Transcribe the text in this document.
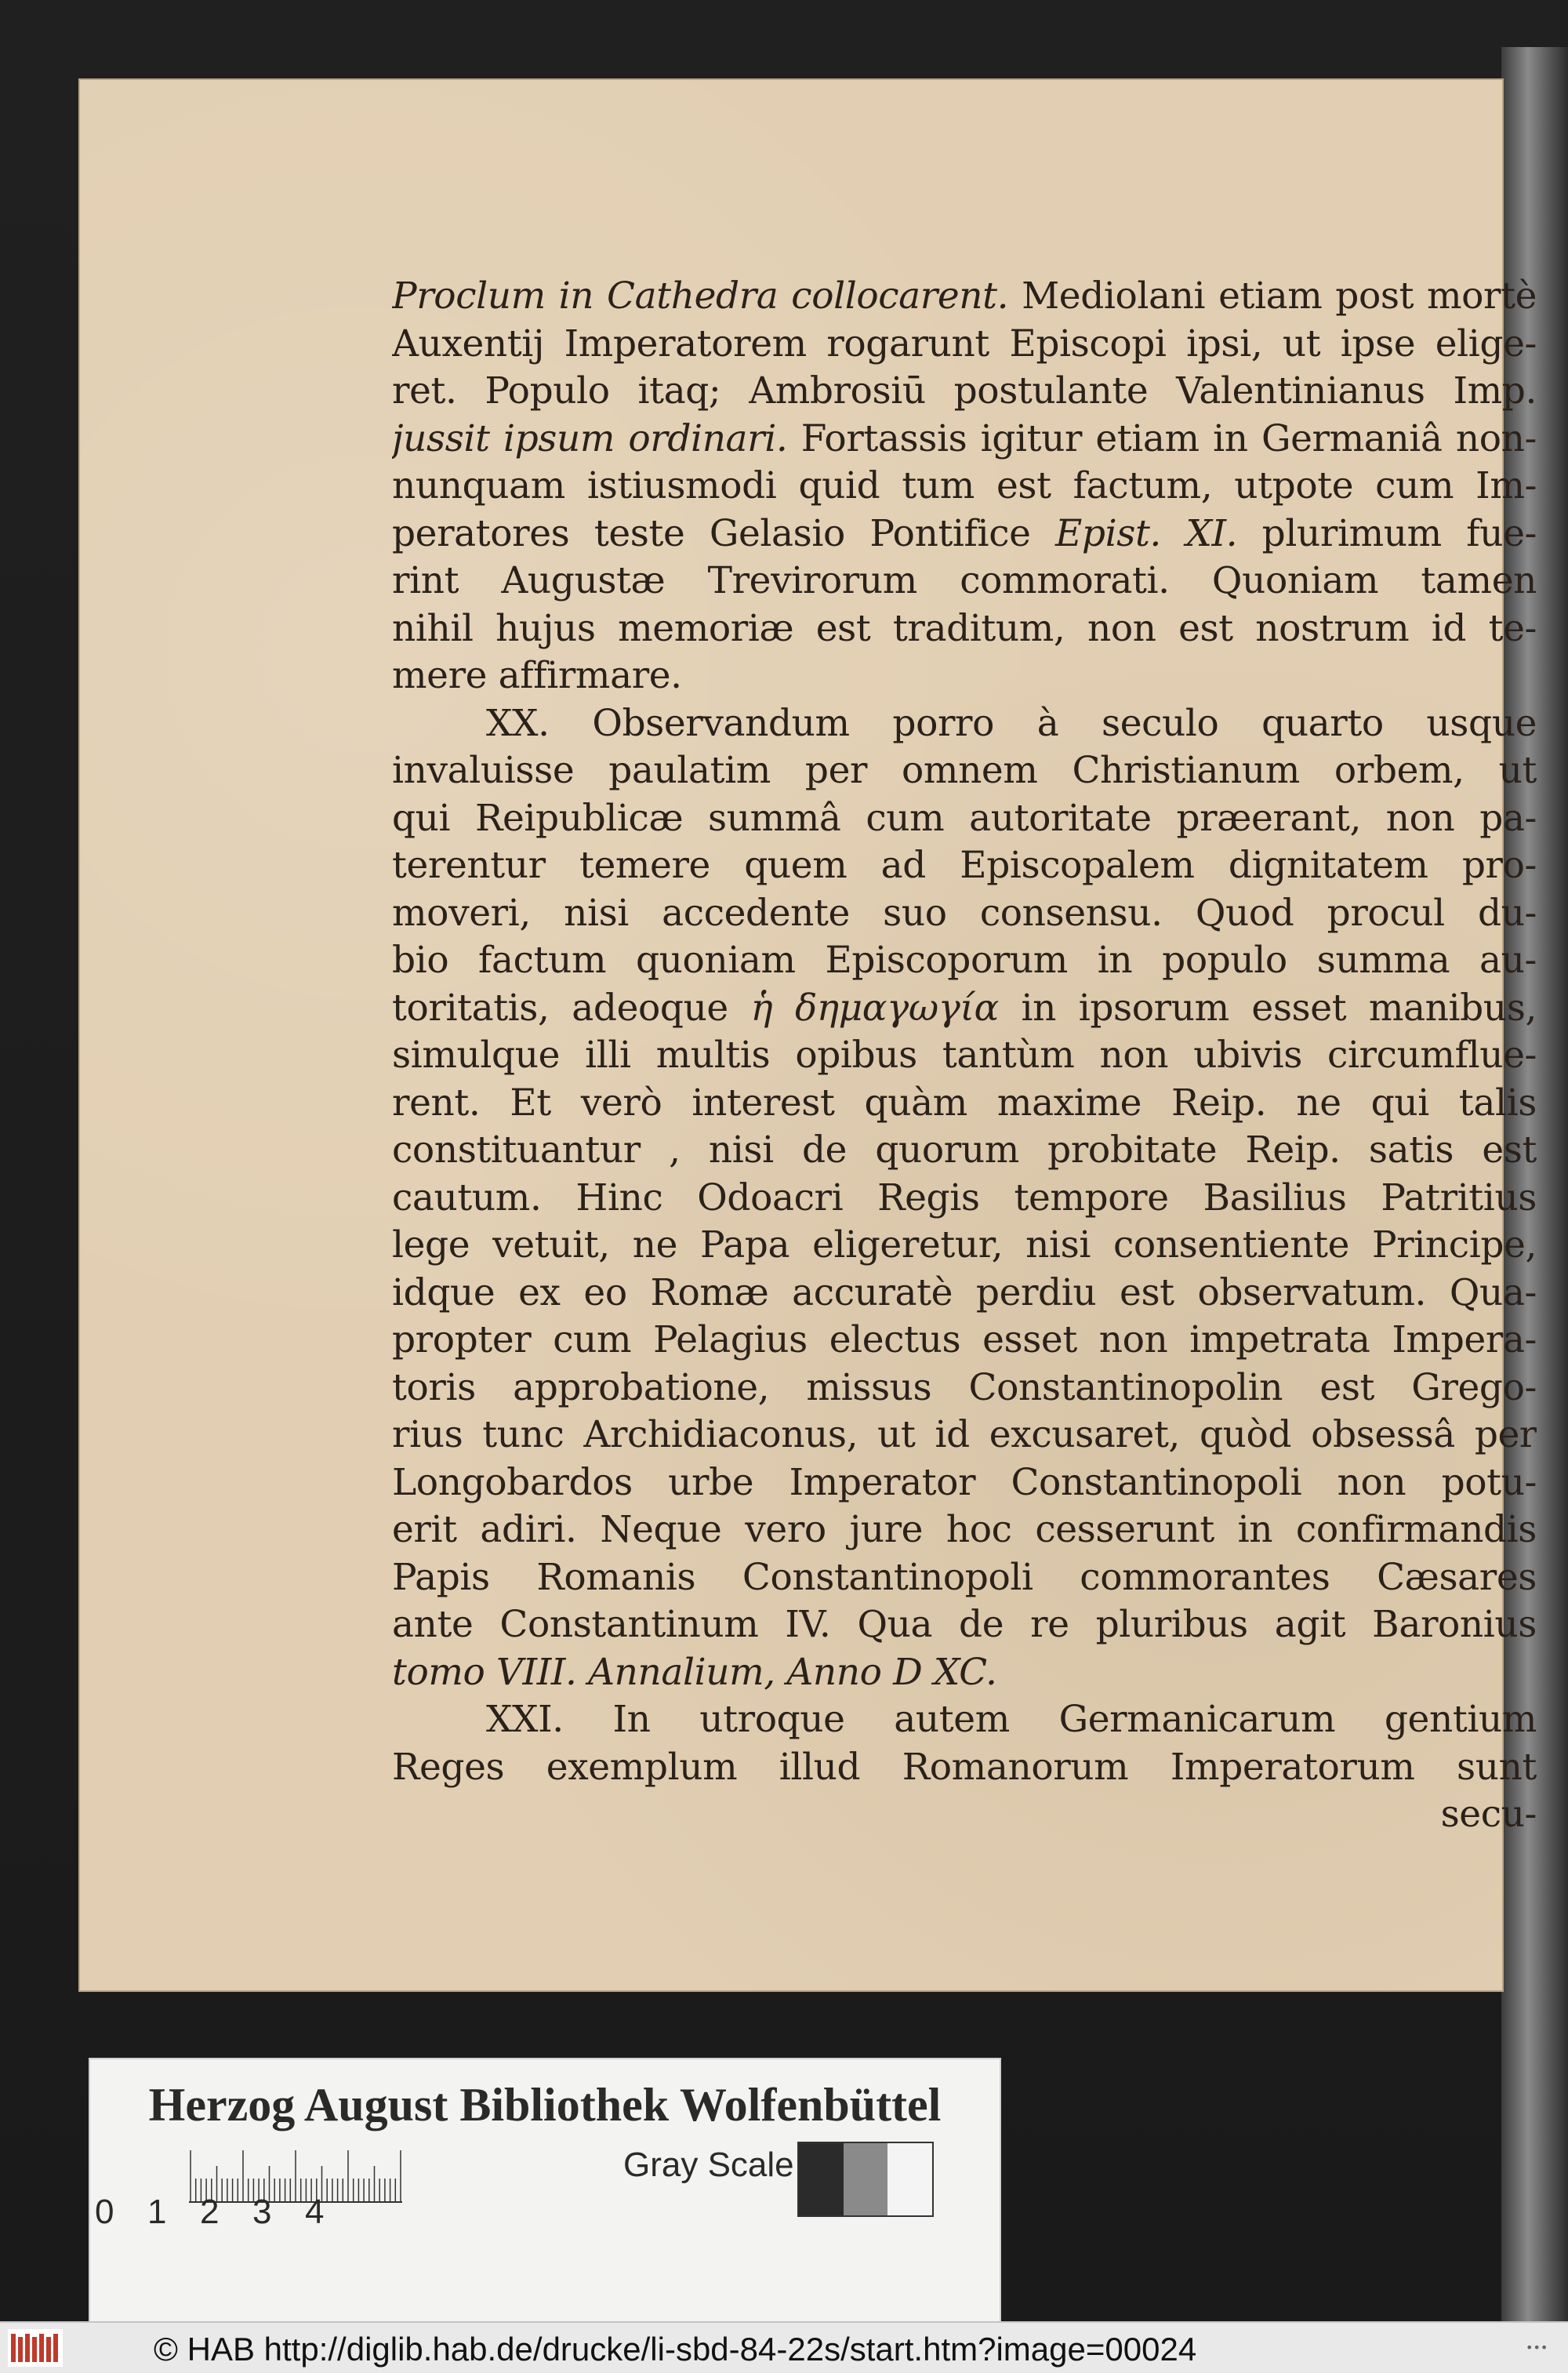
Proclum in Cathedra collocarent. Mediolani etiam post mortè
Auxentij Imperatorem rogarunt Episcopi ipsi, ut ipse elige-
ret. Populo itaq; Ambrosiū postulante Valentinianus Imp.
jussit ipsum ordinari. Fortassis igitur etiam in Germaniâ non-
nunquam istiusmodi quid tum est factum, utpote cum Im-
peratores teste Gelasio Pontifice Epist. XI. plurimum fue-
rint Augustæ Trevirorum commorati. Quoniam tamen
nihil hujus memoriæ est traditum, non est nostrum id te-
mere affirmare.
XX. Observandum porro à seculo quarto usque
invaluisse paulatim per omnem Christianum orbem, ut
qui Reipublicæ summâ cum autoritate præerant, non pa-
terentur temere quem ad Episcopalem dignitatem pro-
moveri, nisi accedente suo consensu. Quod procul du-
bio factum quoniam Episcoporum in populo summa au-
toritatis, adeoque ἡ δημαγωγία in ipsorum esset manibus,
simulque illi multis opibus tantùm non ubivis circumflue-
rent. Et verò interest quàm maxime Reip. ne qui talis
constituantur , nisi de quorum probitate Reip. satis est
cautum. Hinc Odoacri Regis tempore Basilius Patritius
lege vetuit, ne Papa eligeretur, nisi consentiente Principe,
idque ex eo Romæ accuratè perdiu est observatum. Qua-
propter cum Pelagius electus esset non impetrata Impera-
toris approbatione, missus Constantinopolin est Grego-
rius tunc Archidiaconus, ut id excusaret, quòd obsessâ per
Longobardos urbe Imperator Constantinopoli non potu-
erit adiri. Neque vero jure hoc cesserunt in confirmandis
Papis Romanis Constantinopoli commorantes Cæsares
ante Constantinum IV. Qua de re pluribus agit Baronius
tomo VIII. Annalium, Anno D XC.
XXI. In utroque autem Germanicarum gentium
Reges exemplum illud Romanorum Imperatorum sunt
secu-
Herzog August Bibliothek Wolfenbüttel
0 1 2 3 4
Gray Scale
© HAB http://diglib.hab.de/drucke/li-sbd-84-22s/start.htm?image=00024	•••
